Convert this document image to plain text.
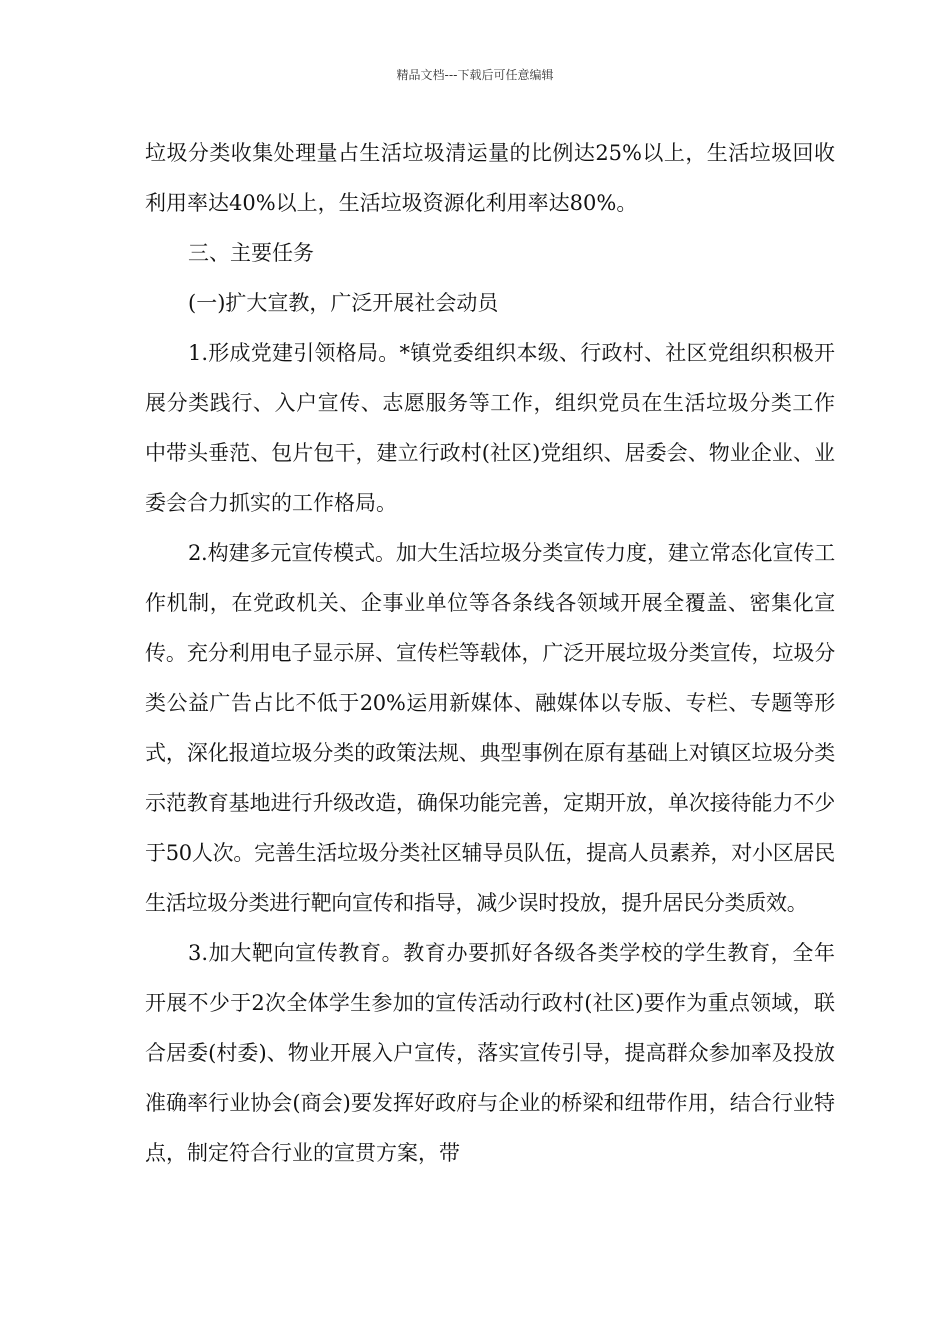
精品文档---下载后可任意编辑

垃圾分类收集处理量占生活垃圾清运量的比例达25%以上，生活垃圾回收利用率达40%以上，生活垃圾资源化利用率达80%。

三、主要任务

(一)扩大宣教，广泛开展社会动员

1.形成党建引领格局。*镇党委组织本级、行政村、社区党组织积极开展分类践行、入户宣传、志愿服务等工作，组织党员在生活垃圾分类工作中带头垂范、包片包干，建立行政村(社区)党组织、居委会、物业企业、业委会合力抓实的工作格局。

2.构建多元宣传模式。加大生活垃圾分类宣传力度，建立常态化宣传工作机制，在党政机关、企事业单位等各条线各领域开展全覆盖、密集化宣传。充分利用电子显示屏、宣传栏等载体，广泛开展垃圾分类宣传，垃圾分类公益广告占比不低于20%运用新媒体、融媒体以专版、专栏、专题等形式，深化报道垃圾分类的政策法规、典型事例在原有基础上对镇区垃圾分类示范教育基地进行升级改造，确保功能完善，定期开放，单次接待能力不少于50人次。完善生活垃圾分类社区辅导员队伍，提高人员素养，对小区居民生活垃圾分类进行靶向宣传和指导，减少误时投放，提升居民分类质效。

3.加大靶向宣传教育。教育办要抓好各级各类学校的学生教育，全年开展不少于2次全体学生参加的宣传活动行政村(社区)要作为重点领域，联合居委(村委)、物业开展入户宣传，落实宣传引导，提高群众参加率及投放准确率行业协会(商会)要发挥好政府与企业的桥梁和纽带作用，结合行业特点，制定符合行业的宣贯方案，带
